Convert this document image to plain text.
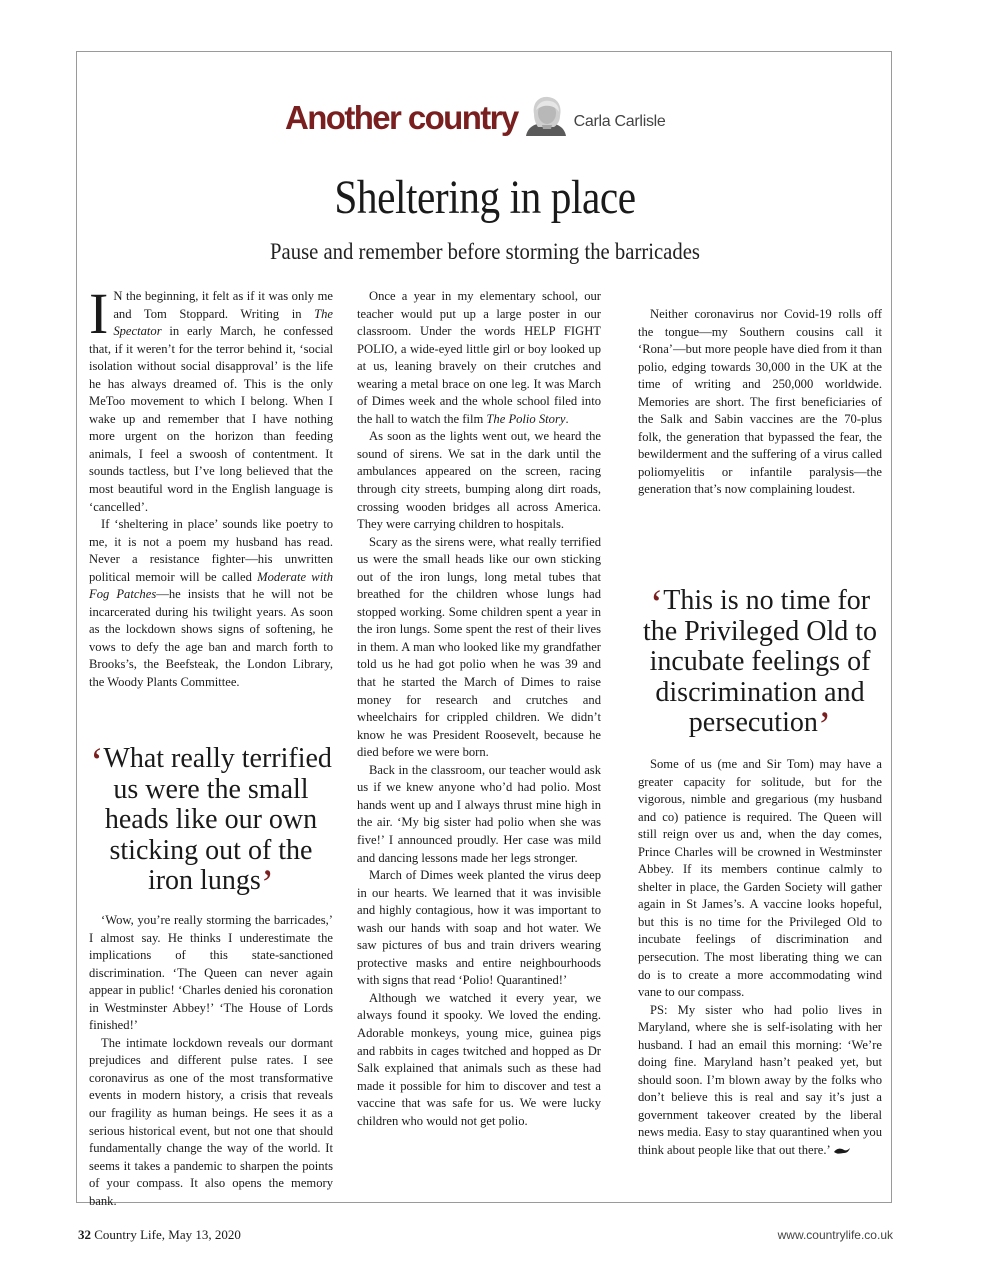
Another country	Carla Carlisle
Sheltering in place
Pause and remember before storming the barricades

I N the beginning, it felt as if it was only me and Tom Stoppard. Writing in The Spectator in early March, he confessed that, if it weren’t for the terror behind it, ‘social isolation without social disapproval’ is the life he has always dreamed of. This is the only MeToo movement to which I belong. When I wake up and remember that I have nothing more urgent on the horizon than feeding animals, I feel a swoosh of contentment. It sounds tactless, but I’ve long believed that the most beautiful word in the English language is ‘cancelled’.

If ‘sheltering in place’ sounds like poetry to me, it is not a poem my husband has read. Never a resistance fighter—his unwritten political memoir will be called Moderate with Fog Patches—he insists that he will not be incarcerated during his twilight years. As soon as the lockdown shows signs of softening, he vows to defy the age ban and march forth to Brooks’s, the Beefsteak, the London Library, the Woody Plants Committee.

‘What really terrified us were the small heads like our own sticking out of the iron lungs’

‘Wow, you’re really storming the barricades,’ I almost say. He thinks I underestimate the implications of this state-sanctioned discrimination. ‘The Queen can never again appear in public! ‘Charles denied his coronation in Westminster Abbey!’ ‘The House of Lords finished!’

The intimate lockdown reveals our dormant prejudices and different pulse rates. I see coronavirus as one of the most transformative events in modern history, a crisis that reveals our fragility as human beings. He sees it as a serious historical event, but not one that should fundamentally change the way of the world. It seems it takes a pandemic to sharpen the points of your compass. It also opens the memory bank.

Once a year in my elementary school, our teacher would put up a large poster in our classroom. Under the words HELP FIGHT POLIO, a wide-eyed little girl or boy looked up at us, leaning bravely on their crutches and wearing a metal brace on one leg. It was March of Dimes week and the whole school filed into the hall to watch the film The Polio Story.

As soon as the lights went out, we heard the sound of sirens. We sat in the dark until the ambulances appeared on the screen, racing through city streets, bumping along dirt roads, crossing wooden bridges all across America. They were carrying children to hospitals.

Scary as the sirens were, what really terrified us were the small heads like our own sticking out of the iron lungs, long metal tubes that breathed for the children whose lungs had stopped working. Some children spent a year in the iron lungs. Some spent the rest of their lives in them. A man who looked like my grandfather told us he had got polio when he was 39 and that he started the March of Dimes to raise money for research and crutches and wheelchairs for crippled children. We didn’t know he was President Roosevelt, because he died before we were born.

Back in the classroom, our teacher would ask us if we knew anyone who’d had polio. Most hands went up and I always thrust mine high in the air. ‘My big sister had polio when she was five!’ I announced proudly. Her case was mild and dancing lessons made her legs stronger.

March of Dimes week planted the virus deep in our hearts. We learned that it was invisible and highly contagious, how it was important to wash our hands with soap and hot water. We saw pictures of bus and train drivers wearing protective masks and entire neighbourhoods with signs that read ‘Polio! Quarantined!’

Although we watched it every year, we always found it spooky. We loved the ending. Adorable monkeys, young mice, guinea pigs and rabbits in cages twitched and hopped as Dr Salk explained that animals such as these had made it possible for him to discover and test a vaccine that was safe for us. We were lucky children who would not get polio.

Neither coronavirus nor Covid-19 rolls off the tongue—my Southern cousins call it ‘Rona’—but more people have died from it than polio, edging towards 30,000 in the UK at the time of writing and 250,000 worldwide. Memories are short. The first beneficiaries of the Salk and Sabin vaccines are the 70-plus folk, the generation that bypassed the fear, the bewilderment and the suffering of a virus called poliomyelitis or infantile paralysis—the generation that’s now complaining loudest.

‘This is no time for the Privileged Old to incubate feelings of discrimination and persecution’

Some of us (me and Sir Tom) may have a greater capacity for solitude, but for the vigorous, nimble and gregarious (my husband and co) patience is required. The Queen will still reign over us and, when the day comes, Prince Charles will be crowned in Westminster Abbey. If its members continue calmly to shelter in place, the Garden Society will gather again in St James’s. A vaccine looks hopeful, but this is no time for the Privileged Old to incubate feelings of discrimination and persecution. The most liberating thing we can do is to create a more accommodating wind vane to our compass.

PS: My sister who had polio lives in Maryland, where she is self-isolating with her husband. I had an email this morning: ‘We’re doing fine. Maryland hasn’t peaked yet, but should soon. I’m blown away by the folks who don’t believe this is real and say it’s just a government takeover created by the liberal news media. Easy to stay quarantined when you think about people like that out there.’

32 Country Life, May 13, 2020	www.countrylife.co.uk
